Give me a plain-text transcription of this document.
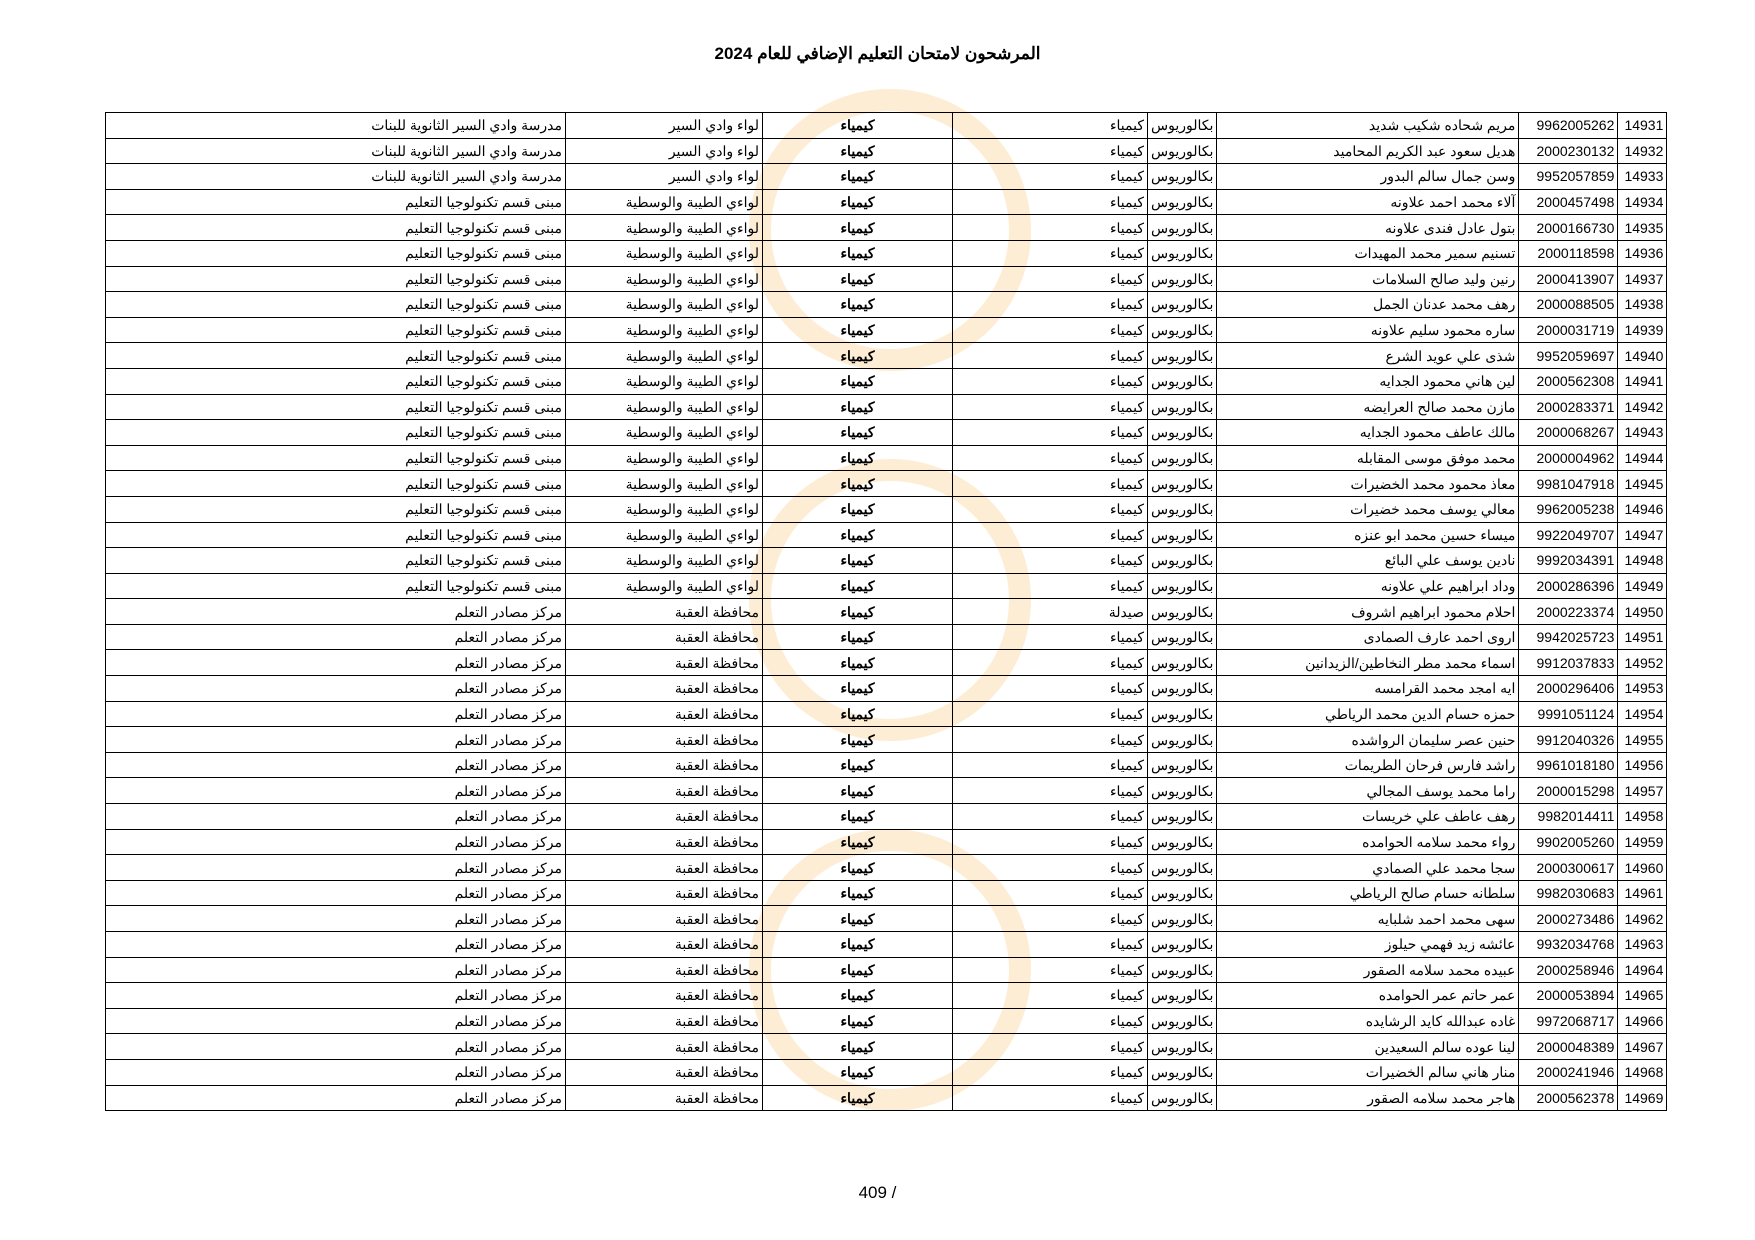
المرشحون لامتحان التعليم الإضافي للعام 2024
14931	9962005262	مريم شحاده شكيب شديد	بكالوريوس	كيمياء	كيمياء	لواء وادي السير	مدرسة وادي السير الثانوية للبنات
14932	2000230132	هديل سعود عبد الكريم المحاميد	بكالوريوس	كيمياء	كيمياء	لواء وادي السير	مدرسة وادي السير الثانوية للبنات
14933	9952057859	وسن جمال سالم البدور	بكالوريوس	كيمياء	كيمياء	لواء وادي السير	مدرسة وادي السير الثانوية للبنات
14934	2000457498	آلاء محمد احمد علاونه	بكالوريوس	كيمياء	كيمياء	لواءي الطيبة والوسطية	مبنى قسم تكنولوجيا التعليم
14935	2000166730	بتول عادل فندى علاونه	بكالوريوس	كيمياء	كيمياء	لواءي الطيبة والوسطية	مبنى قسم تكنولوجيا التعليم
14936	2000118598	تسنيم سمير محمد المهيدات	بكالوريوس	كيمياء	كيمياء	لواءي الطيبة والوسطية	مبنى قسم تكنولوجيا التعليم
14937	2000413907	رنين وليد صالح السلامات	بكالوريوس	كيمياء	كيمياء	لواءي الطيبة والوسطية	مبنى قسم تكنولوجيا التعليم
14938	2000088505	رهف محمد عدنان الجمل	بكالوريوس	كيمياء	كيمياء	لواءي الطيبة والوسطية	مبنى قسم تكنولوجيا التعليم
14939	2000031719	ساره محمود سليم علاونه	بكالوريوس	كيمياء	كيمياء	لواءي الطيبة والوسطية	مبنى قسم تكنولوجيا التعليم
14940	9952059697	شذى علي عويد الشرع	بكالوريوس	كيمياء	كيمياء	لواءي الطيبة والوسطية	مبنى قسم تكنولوجيا التعليم
14941	2000562308	لين هاني محمود الجدايه	بكالوريوس	كيمياء	كيمياء	لواءي الطيبة والوسطية	مبنى قسم تكنولوجيا التعليم
14942	2000283371	مازن محمد صالح العرايضه	بكالوريوس	كيمياء	كيمياء	لواءي الطيبة والوسطية	مبنى قسم تكنولوجيا التعليم
14943	2000068267	مالك عاطف محمود الجدايه	بكالوريوس	كيمياء	كيمياء	لواءي الطيبة والوسطية	مبنى قسم تكنولوجيا التعليم
14944	2000004962	محمد موفق موسى المقابله	بكالوريوس	كيمياء	كيمياء	لواءي الطيبة والوسطية	مبنى قسم تكنولوجيا التعليم
14945	9981047918	معاذ محمود محمد الخضيرات	بكالوريوس	كيمياء	كيمياء	لواءي الطيبة والوسطية	مبنى قسم تكنولوجيا التعليم
14946	9962005238	معالي يوسف محمد خضيرات	بكالوريوس	كيمياء	كيمياء	لواءي الطيبة والوسطية	مبنى قسم تكنولوجيا التعليم
14947	9922049707	ميساء حسين محمد ابو عنزه	بكالوريوس	كيمياء	كيمياء	لواءي الطيبة والوسطية	مبنى قسم تكنولوجيا التعليم
14948	9992034391	نادين يوسف علي البائع	بكالوريوس	كيمياء	كيمياء	لواءي الطيبة والوسطية	مبنى قسم تكنولوجيا التعليم
14949	2000286396	وداد ابراهيم علي علاونه	بكالوريوس	كيمياء	كيمياء	لواءي الطيبة والوسطية	مبنى قسم تكنولوجيا التعليم
14950	2000223374	احلام محمود ابراهيم اشروف	بكالوريوس	صيدلة	كيمياء	محافظة العقبة	مركز مصادر التعلم
14951	9942025723	اروى احمد عارف الصمادى	بكالوريوس	كيمياء	كيمياء	محافظة العقبة	مركز مصادر التعلم
14952	9912037833	اسماء محمد مطر النخاطين/الزيدانين	بكالوريوس	كيمياء	كيمياء	محافظة العقبة	مركز مصادر التعلم
14953	2000296406	ايه امجد محمد القرامسه	بكالوريوس	كيمياء	كيمياء	محافظة العقبة	مركز مصادر التعلم
14954	9991051124	حمزه حسام الدين محمد الرياطي	بكالوريوس	كيمياء	كيمياء	محافظة العقبة	مركز مصادر التعلم
14955	9912040326	حنين عصر سليمان الرواشده	بكالوريوس	كيمياء	كيمياء	محافظة العقبة	مركز مصادر التعلم
14956	9961018180	راشد فارس فرحان الطريمات	بكالوريوس	كيمياء	كيمياء	محافظة العقبة	مركز مصادر التعلم
14957	2000015298	راما محمد يوسف المجالي	بكالوريوس	كيمياء	كيمياء	محافظة العقبة	مركز مصادر التعلم
14958	9982014411	رهف عاطف علي خريسات	بكالوريوس	كيمياء	كيمياء	محافظة العقبة	مركز مصادر التعلم
14959	9902005260	رواء محمد سلامه الحوامده	بكالوريوس	كيمياء	كيمياء	محافظة العقبة	مركز مصادر التعلم
14960	2000300617	سجا محمد علي الصمادي	بكالوريوس	كيمياء	كيمياء	محافظة العقبة	مركز مصادر التعلم
14961	9982030683	سلطانه حسام صالح الرياطي	بكالوريوس	كيمياء	كيمياء	محافظة العقبة	مركز مصادر التعلم
14962	2000273486	سهى محمد احمد شلبايه	بكالوريوس	كيمياء	كيمياء	محافظة العقبة	مركز مصادر التعلم
14963	9932034768	عائشه زيد فهمي حيلوز	بكالوريوس	كيمياء	كيمياء	محافظة العقبة	مركز مصادر التعلم
14964	2000258946	عبيده محمد سلامه الصقور	بكالوريوس	كيمياء	كيمياء	محافظة العقبة	مركز مصادر التعلم
14965	2000053894	عمر حاتم عمر الحوامده	بكالوريوس	كيمياء	كيمياء	محافظة العقبة	مركز مصادر التعلم
14966	9972068717	غاده عبدالله كايد الرشايده	بكالوريوس	كيمياء	كيمياء	محافظة العقبة	مركز مصادر التعلم
14967	2000048389	لينا عوده سالم السعيدين	بكالوريوس	كيمياء	كيمياء	محافظة العقبة	مركز مصادر التعلم
14968	2000241946	منار هاني سالم الخضيرات	بكالوريوس	كيمياء	كيمياء	محافظة العقبة	مركز مصادر التعلم
14969	2000562378	هاجر محمد سلامه الصقور	بكالوريوس	كيمياء	كيمياء	محافظة العقبة	مركز مصادر التعلم
409 /
